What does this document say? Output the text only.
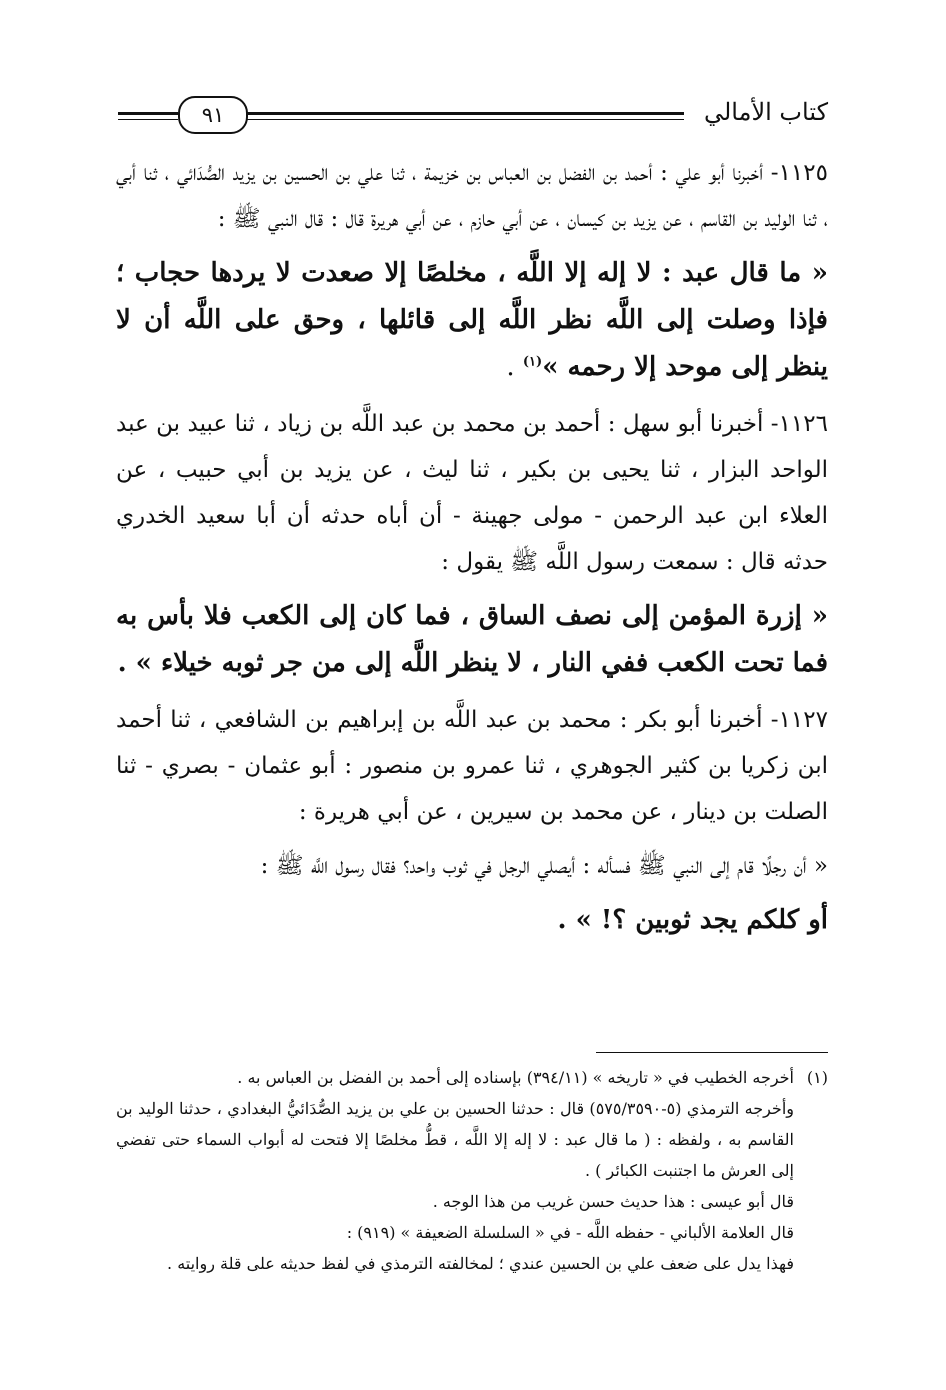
٩١	كتاب الأمالي

١١٢٥- أخبرنا أبو علي : أحمد بن الفضل بن العباس بن خزيمة ، ثنا علي بن الحسين بن يزيد الصُّدَائي ، ثنا أبي ، ثنا الوليد بن القاسم ، عن يزيد بن كيسان ، عن أبي حازم ، عن أبي هريرة قال : قال النبي ﷺ :

« ما قال عبد : لا إله إلا اللَّه ، مخلصًا إلا صعدت لا يردها حجاب ؛ فإذا وصلت إلى اللَّه نظر اللَّه إلى قائلها ، وحق على اللَّه أن لا ينظر إلى موحد إلا رحمه »$^{(١)}$ .

١١٢٦- أخبرنا أبو سهل : أحمد بن محمد بن عبد اللَّه بن زياد ، ثنا عبيد بن عبد الواحد البزار ، ثنا يحيى بن بكير ، ثنا ليث ، عن يزيد بن أبي حبيب ، عن العلاء ابن عبد الرحمن - مولى جهينة - أن أباه حدثه أن أبا سعيد الخدري حدثه قال : سمعت رسول اللَّه ﷺ يقول :

« إزرة المؤمن إلى نصف الساق ، فما كان إلى الكعب فلا بأس به فما تحت الكعب ففي النار ، لا ينظر اللَّه إلى من جر ثوبه خيلاء » .

١١٢٧- أخبرنا أبو بكر : محمد بن عبد اللَّه بن إبراهيم بن الشافعي ، ثنا أحمد ابن زكريا بن كثير الجوهري ، ثنا عمرو بن منصور : أبو عثمان - بصري - ثنا الصلت بن دينار ، عن محمد بن سيرين ، عن أبي هريرة :

« أن رجلًا قام إلى النبي ﷺ فسأله : أيصلي الرجل في ثوب واحد؟ فقال رسول اللَّه ﷺ :

أو كلكم يجد ثوبين ؟! » .

(١)أخرجه الخطيب في « تاريخه » (٣٩٤/١١) بإسناده إلى أحمد بن الفضل بن العباس به .

وأخرجه الترمذي (٥-٥٧٥/٣٥٩٠) قال : حدثنا الحسين بن علي بن يزيد الصُّدَائيُّ البغدادي ، حدثنا الوليد بن القاسم به ، ولفظه : ( ما قال عبد : لا إله إلا اللَّه ، قطُّ مخلصًا إلا فتحت له أبواب السماء حتى تفضي إلى العرش ما اجتنبت الكبائر ) .

قال أبو عيسى : هذا حديث حسن غريب من هذا الوجه .

قال العلامة الألباني - حفظه اللَّه - في « السلسلة الضعيفة » (٩١٩) :

فهذا يدل على ضعف علي بن الحسين عندي ؛ لمخالفته الترمذي في لفظ حديثه على قلة روايته .
